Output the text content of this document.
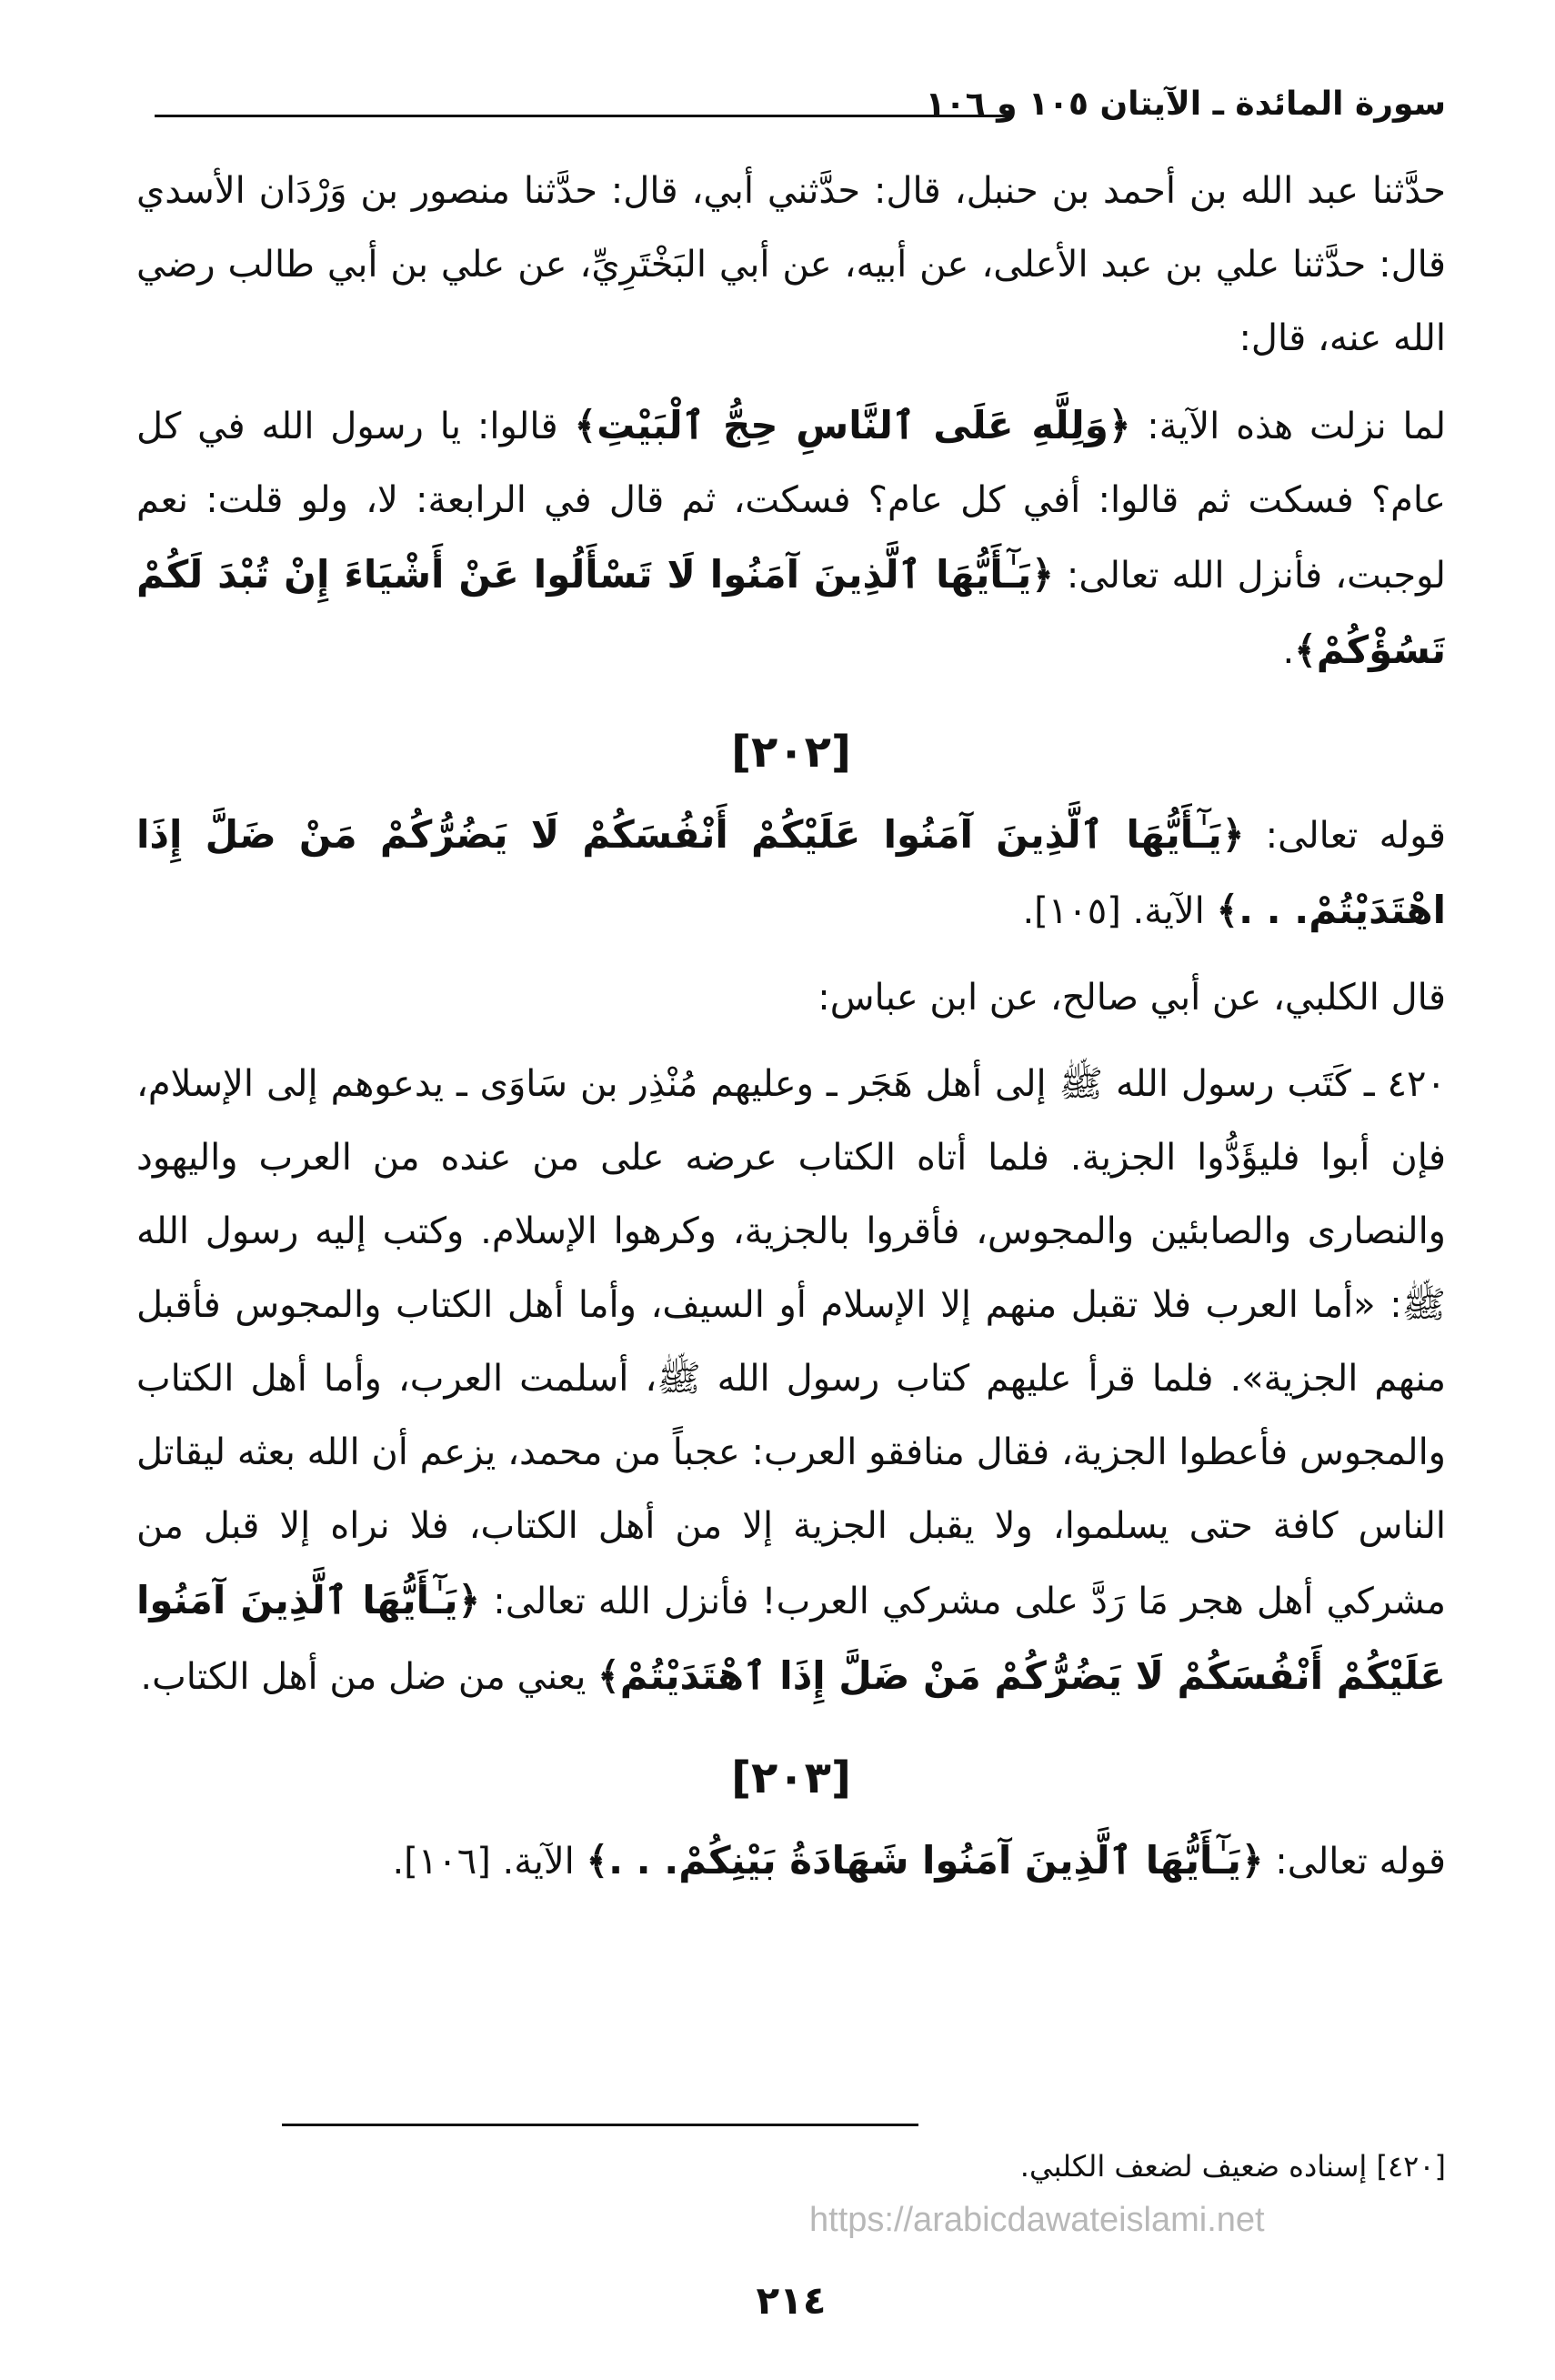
سورة المائدة ـ الآيتان ١٠٥ و ١٠٦

حدَّثنا عبد الله بن أحمد بن حنبل، قال: حدَّثني أبي، قال: حدَّثنا منصور بن وَرْدَان الأسدي قال: حدَّثنا علي بن عبد الأعلى، عن أبيه، عن أبي البَخْتَرِيِّ، عن علي بن أبي طالب رضي الله عنه، قال:

لما نزلت هذه الآية: ﴿وَلِلَّهِ عَلَى ٱلنَّاسِ حِجُّ ٱلْبَيْتِ﴾ قالوا: يا رسول الله في كل عام؟ فسكت ثم قالوا: أفي كل عام؟ فسكت، ثم قال في الرابعة: لا، ولو قلت: نعم لوجبت، فأنزل الله تعالى: ﴿يَـٰٓأَيُّهَا ٱلَّذِينَ آمَنُوا لَا تَسْأَلُوا عَنْ أَشْيَاءَ إِنْ تُبْدَ لَكُمْ تَسُؤْكُمْ﴾.

[٢٠٢]

قوله تعالى: ﴿يَـٰٓأَيُّهَا ٱلَّذِينَ آمَنُوا عَلَيْكُمْ أَنْفُسَكُمْ لَا يَضُرُّكُمْ مَنْ ضَلَّ إِذَا اهْتَدَيْتُمْ. . .﴾ الآية. [١٠٥].

قال الكلبي، عن أبي صالح، عن ابن عباس:

٤٢٠ ـ كَتَب رسول الله ﷺ إلى أهل هَجَر ـ وعليهم مُنْذِر بن سَاوَى ـ يدعوهم إلى الإسلام، فإن أبوا فليؤَدُّوا الجزية. فلما أتاه الكتاب عرضه على من عنده من العرب واليهود والنصارى والصابئين والمجوس، فأقروا بالجزية، وكرهوا الإسلام. وكتب إليه رسول الله ﷺ: «أما العرب فلا تقبل منهم إلا الإسلام أو السيف، وأما أهل الكتاب والمجوس فأقبل منهم الجزية». فلما قرأ عليهم كتاب رسول الله ﷺ، أسلمت العرب، وأما أهل الكتاب والمجوس فأعطوا الجزية، فقال منافقو العرب: عجباً من محمد، يزعم أن الله بعثه ليقاتل الناس كافة حتى يسلموا، ولا يقبل الجزية إلا من أهل الكتاب، فلا نراه إلا قبل من مشركي أهل هجر مَا رَدَّ على مشركي العرب! فأنزل الله تعالى: ﴿يَـٰٓأَيُّهَا ٱلَّذِينَ آمَنُوا عَلَيْكُمْ أَنْفُسَكُمْ لَا يَضُرُّكُمْ مَنْ ضَلَّ إِذَا ٱهْتَدَيْتُمْ﴾ يعني من ضل من أهل الكتاب.

[٢٠٣]

قوله تعالى: ﴿يَـٰٓأَيُّهَا ٱلَّذِينَ آمَنُوا شَهَادَةُ بَيْنِكُمْ. . .﴾ الآية. [١٠٦].

[٤٢٠] إسناده ضعيف لضعف الكلبي.

٢١٤
https://arabicdawateislami.net
